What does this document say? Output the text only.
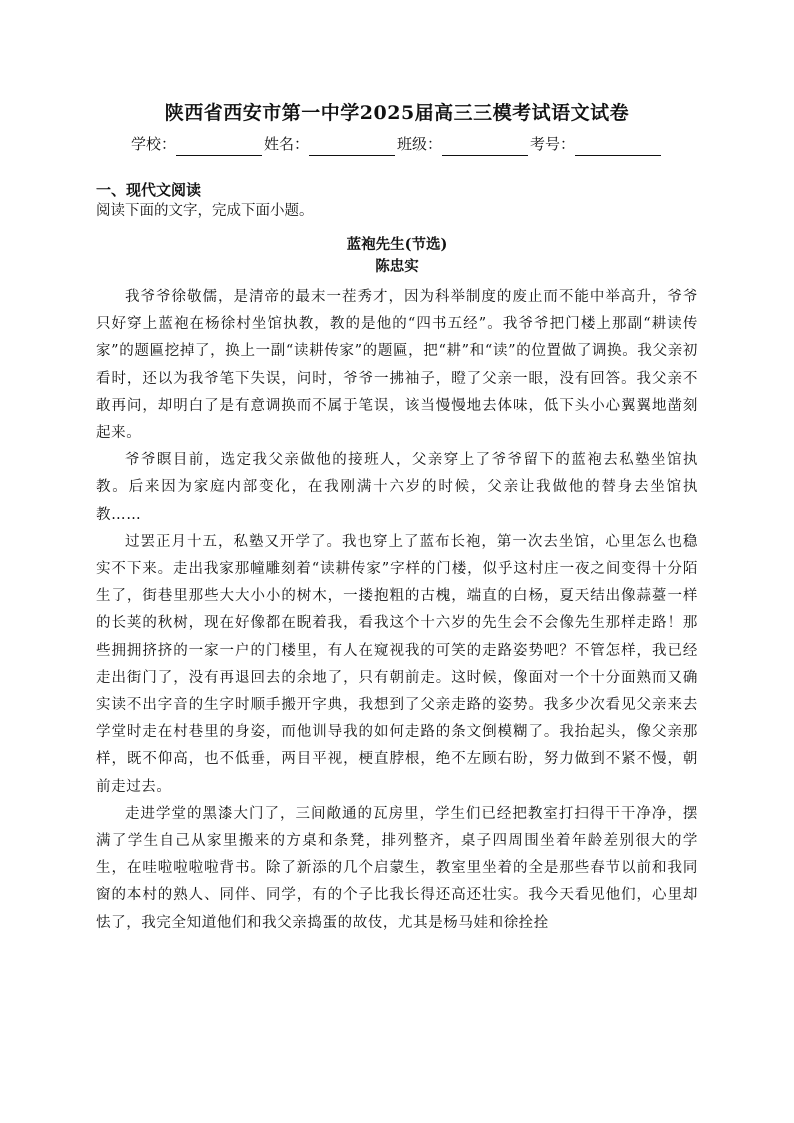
陕西省西安市第一中学2025届高三三模考试语文试卷
学校：	姓名：	班级：	考号：

一、现代文阅读

阅读下面的文字，完成下面小题。

蓝袍先生(节选)

陈忠实

我爷爷徐敬儒，是清帝的最末一茬秀才，因为科举制度的废止而不能中举高升，爷爷只好穿上蓝袍在杨徐村坐馆执教，教的是他的“四书五经”。我爷爷把门楼上那副“耕读传家”的题匾挖掉了，换上一副“读耕传家”的题匾，把“耕”和“读”的位置做了调换。我父亲初看时，还以为我爷笔下失误，问时，爷爷一拂袖子，瞪了父亲一眼，没有回答。我父亲不敢再问，却明白了是有意调换而不属于笔误，该当慢慢地去体味，低下头小心翼翼地凿刻起来。

爷爷瞑目前，选定我父亲做他的接班人，父亲穿上了爷爷留下的蓝袍去私塾坐馆执教。后来因为家庭内部变化，在我刚满十六岁的时候，父亲让我做他的替身去坐馆执教……

过罢正月十五，私塾又开学了。我也穿上了蓝布长袍，第一次去坐馆，心里怎么也稳实不下来。走出我家那幢雕刻着“读耕传家”字样的门楼，似乎这村庄一夜之间变得十分陌生了，街巷里那些大大小小的树木，一搂抱粗的古槐，端直的白杨，夏天结出像蒜薹一样的长荚的秋树，现在好像都在睨着我，看我这个十六岁的先生会不会像先生那样走路！那些拥拥挤挤的一家一户的门楼里，有人在窥视我的可笑的走路姿势吧？不管怎样，我已经走出街门了，没有再退回去的余地了，只有朝前走。这时候，像面对一个十分面熟而又确实读不出字音的生字时顺手搬开字典，我想到了父亲走路的姿势。我多少次看见父亲来去学堂时走在村巷里的身姿，而他训导我的如何走路的条文倒模糊了。我抬起头，像父亲那样，既不仰高，也不低垂，两目平视，梗直脖根，绝不左顾右盼，努力做到不紧不慢，朝前走过去。

走进学堂的黑漆大门了，三间敞通的瓦房里，学生们已经把教室打扫得干干净净，摆满了学生自己从家里搬来的方桌和条凳，排列整齐，桌子四周围坐着年龄差别很大的学生，在哇啦啦啦啦背书。除了新添的几个启蒙生，教室里坐着的全是那些春节以前和我同窗的本村的熟人、同伴、同学，有的个子比我长得还高还壮实。我今天看见他们，心里却怯了，我完全知道他们和我父亲捣蛋的故伎，尤其是杨马娃和徐拴拴
